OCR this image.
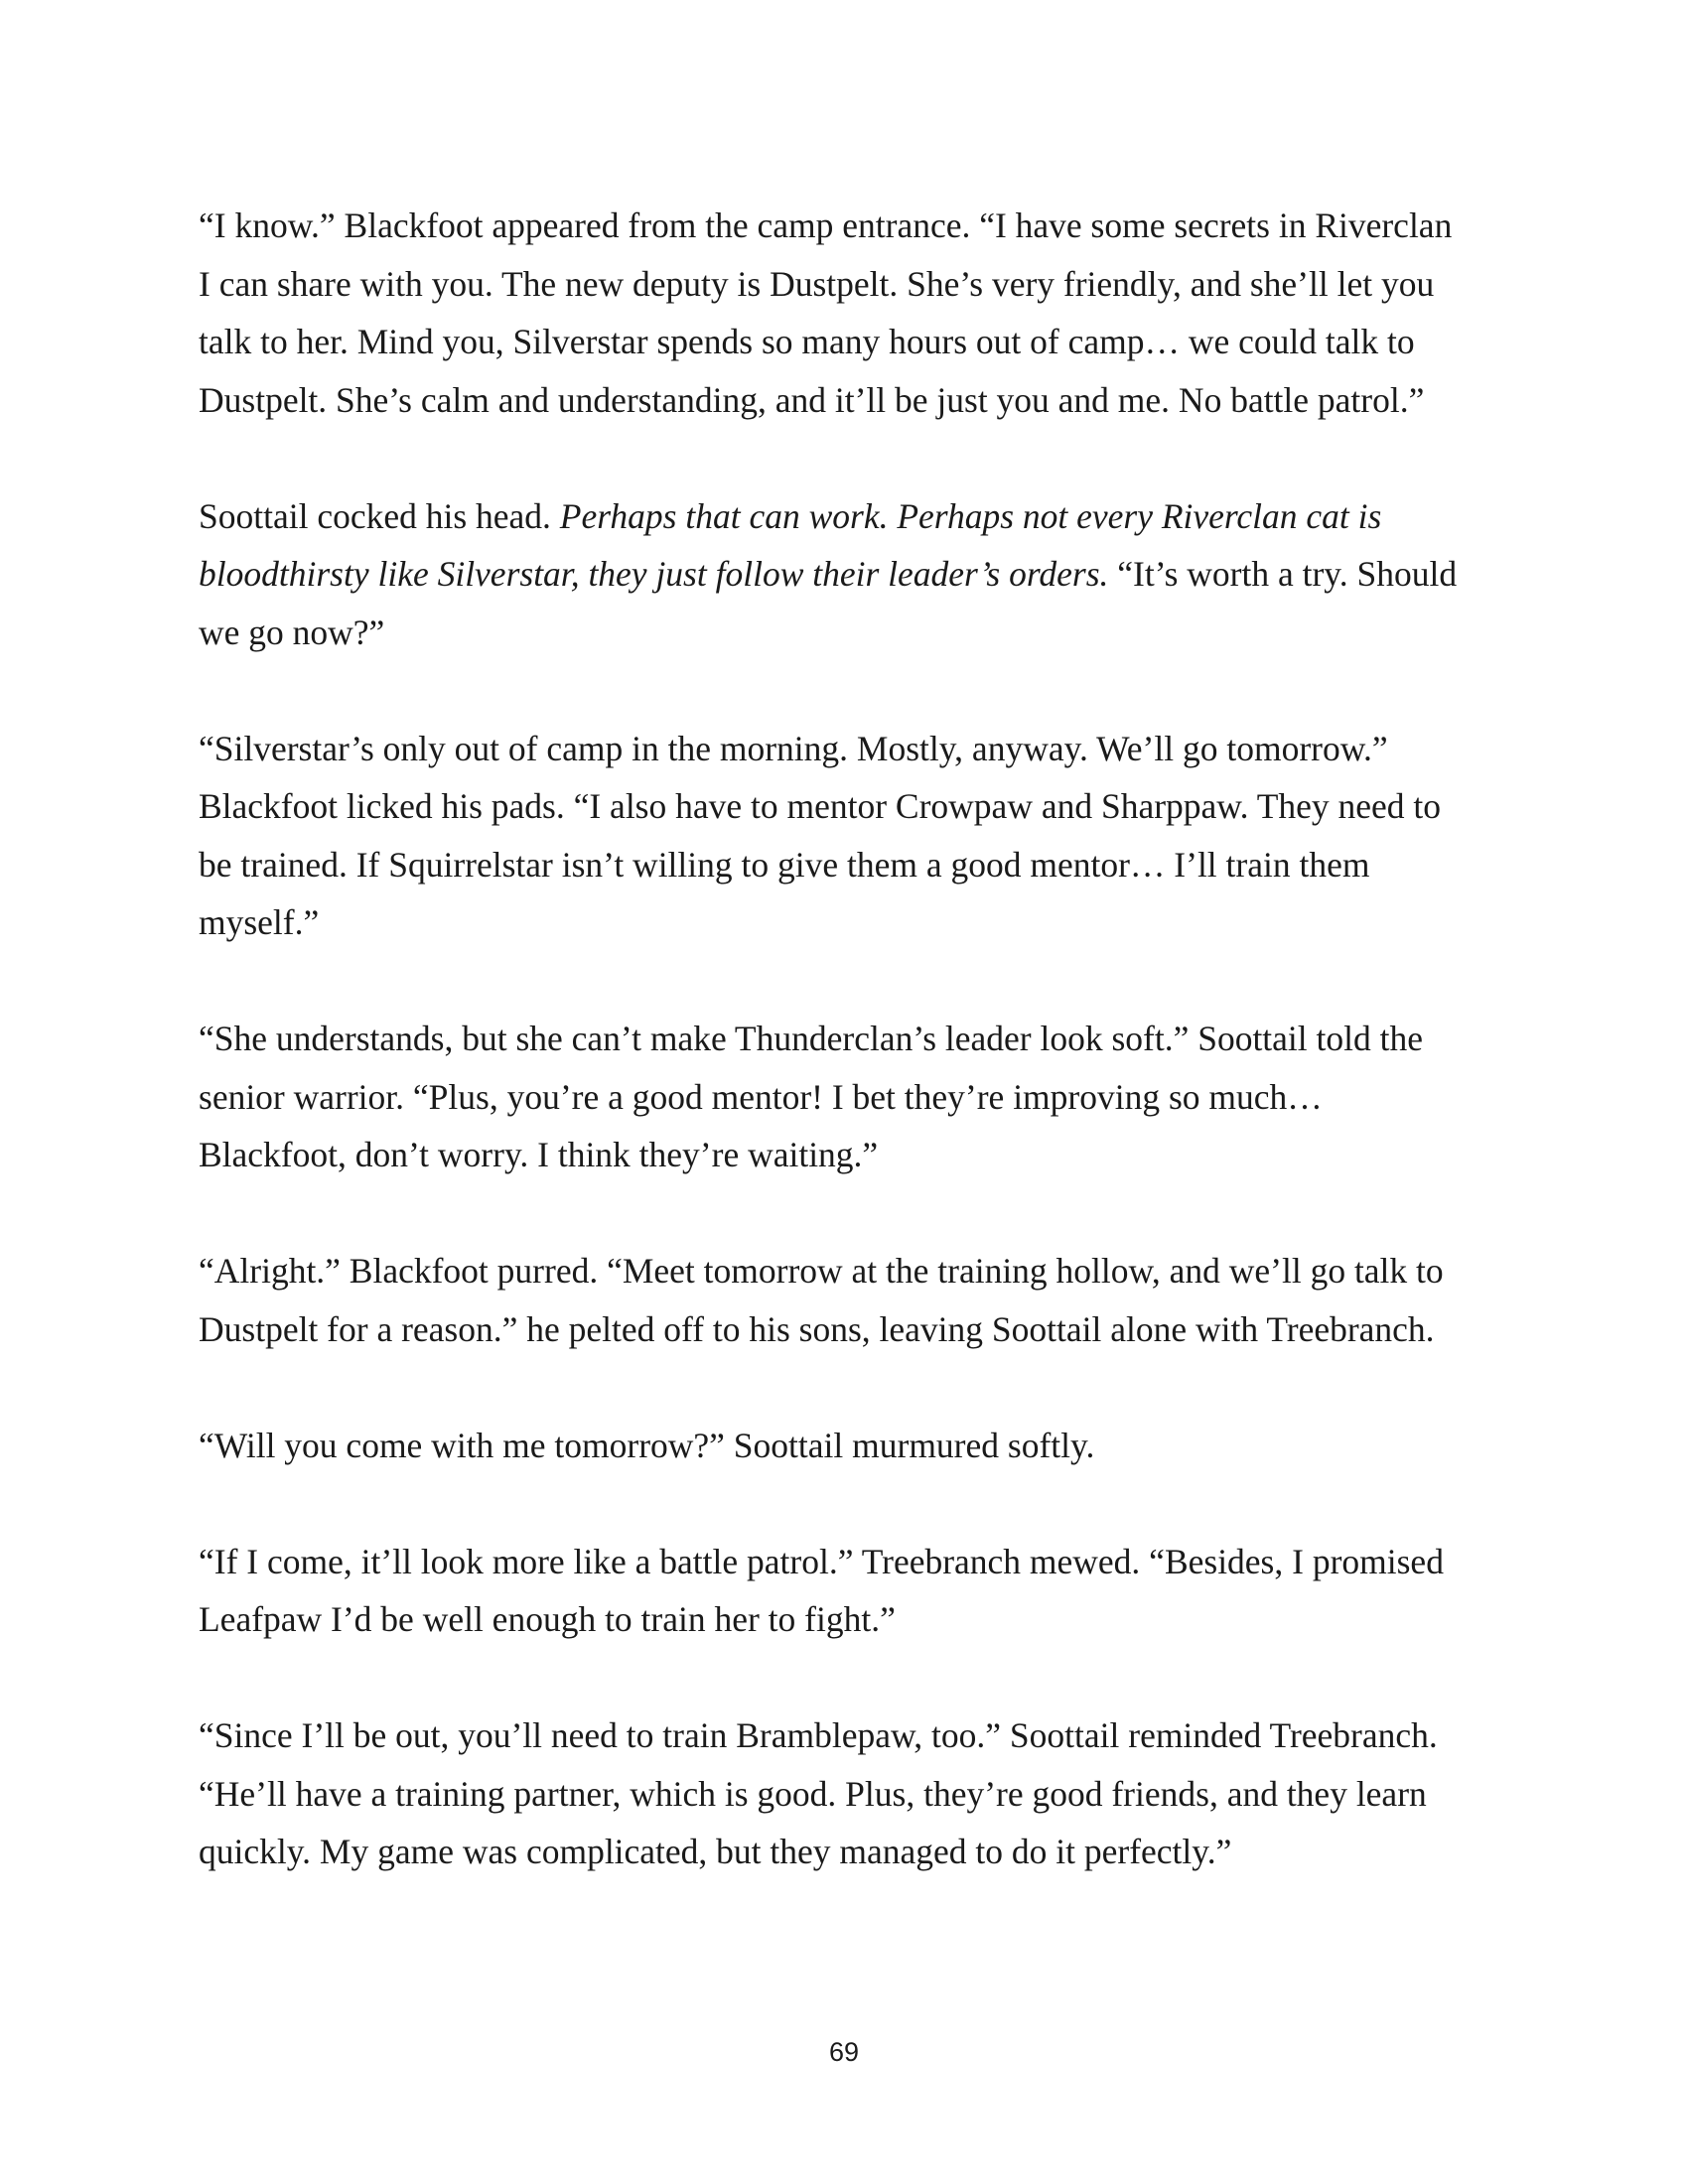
“I know.” Blackfoot appeared from the camp entrance. “I have some secrets in Riverclan
I can share with you. The new deputy is Dustpelt. She’s very friendly, and she’ll let you
talk to her. Mind you, Silverstar spends so many hours out of camp… we could talk to
Dustpelt. She’s calm and understanding, and it’ll be just you and me. No battle patrol.”

Soottail cocked his head. Perhaps that can work. Perhaps not every Riverclan cat is
bloodthirsty like Silverstar, they just follow their leader’s orders. “It’s worth a try. Should
we go now?”

“Silverstar’s only out of camp in the morning. Mostly, anyway. We’ll go tomorrow.”
Blackfoot licked his pads. “I also have to mentor Crowpaw and Sharppaw. They need to
be trained. If Squirrelstar isn’t willing to give them a good mentor… I’ll train them
myself.”

“She understands, but she can’t make Thunderclan’s leader look soft.” Soottail told the
senior warrior. “Plus, you’re a good mentor! I bet they’re improving so much…
Blackfoot, don’t worry. I think they’re waiting.”

“Alright.” Blackfoot purred. “Meet tomorrow at the training hollow, and we’ll go talk to
Dustpelt for a reason.” he pelted off to his sons, leaving Soottail alone with Treebranch.

“Will you come with me tomorrow?” Soottail murmured softly.

“If I come, it’ll look more like a battle patrol.” Treebranch mewed. “Besides, I promised
Leafpaw I’d be well enough to train her to fight.”

“Since I’ll be out, you’ll need to train Bramblepaw, too.” Soottail reminded Treebranch.
“He’ll have a training partner, which is good. Plus, they’re good friends, and they learn
quickly. My game was complicated, but they managed to do it perfectly.”

69
